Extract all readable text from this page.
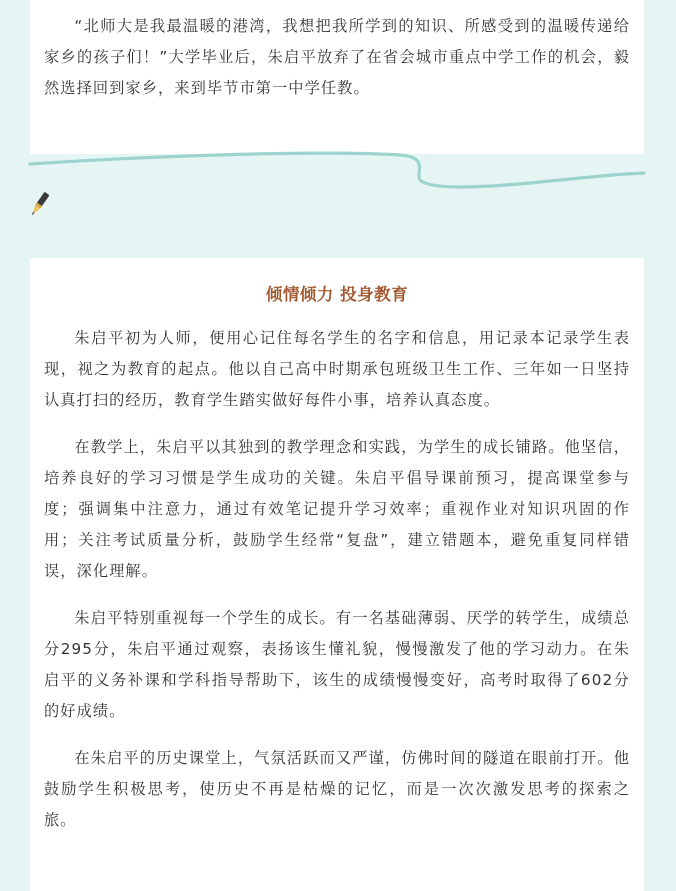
“北师大是我最温暖的港湾，我想把我所学到的知识、所感受到的温暖传递给家乡的孩子们！”大学毕业后，朱启平放弃了在省会城市重点中学工作的机会，毅然选择回到家乡，来到毕节市第一中学任教。

倾情倾力 投身教育

朱启平初为人师，便用心记住每名学生的名字和信息，用记录本记录学生表现，视之为教育的起点。他以自己高中时期承包班级卫生工作、三年如一日坚持认真打扫的经历，教育学生踏实做好每件小事，培养认真态度。

在教学上，朱启平以其独到的教学理念和实践，为学生的成长铺路。他坚信，培养良好的学习习惯是学生成功的关键。朱启平倡导课前预习，提高课堂参与度；强调集中注意力，通过有效笔记提升学习效率；重视作业对知识巩固的作用；关注考试质量分析，鼓励学生经常“复盘”，建立错题本，避免重复同样错误，深化理解。

朱启平特别重视每一个学生的成长。有一名基础薄弱、厌学的转学生，成绩总分295分，朱启平通过观察，表扬该生懂礼貌，慢慢激发了他的学习动力。在朱启平的义务补课和学科指导帮助下，该生的成绩慢慢变好，高考时取得了602分的好成绩。

在朱启平的历史课堂上，气氛活跃而又严谨，仿佛时间的隧道在眼前打开。他鼓励学生积极思考，使历史不再是枯燥的记忆，而是一次次激发思考的探索之旅。
